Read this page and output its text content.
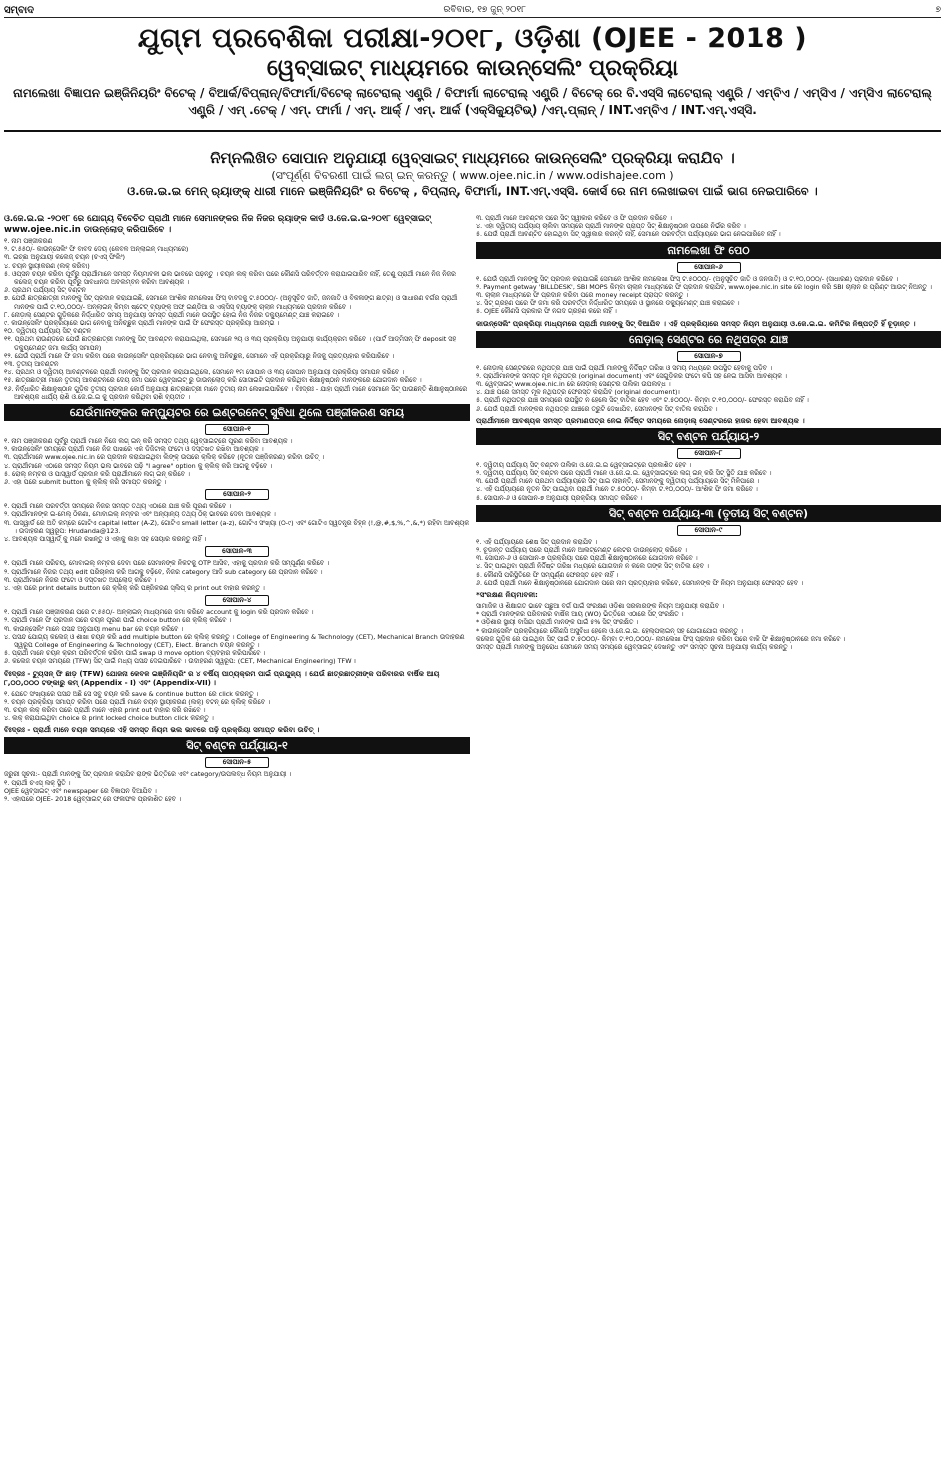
ସମ୍ବାଦ	ରବିବାର, ୧୭ ଜୁନ୍ ୨୦୧୮	୭
ଯୁଗ୍ମ ପ୍ରବେଶିକା ପରୀକ୍ଷା-୨୦୧୮, ଓଡ଼ିଶା (OJEE - 2018 )
ୱେବ୍‌ସାଇଟ୍ ମାଧ୍ୟମରେ କାଉନ୍‌ସେଲିଂ ପ୍ରକ୍ରିୟା
ନାମଲେଖା ବିଜ୍ଞାପନ ଇଞ୍ଜିନିୟରିଂ ବିଟେକ୍ / ବିଆର୍କ/ବିପ୍ଲାନ୍/ବିଫାର୍ମା/ବିଟେକ୍ ଲାଟେରାଲ୍ ଏଣ୍ଟ୍ରି / ବିଫାର୍ମା ଲାଟେରାଲ୍ ଏଣ୍ଟ୍ରି / ବିଟେକ୍ ରେ ବି.ଏସ୍‌ସି ଲାଟେରାଲ୍ ଏଣ୍ଟ୍ରି / ଏମ୍‌ବିଏ / ଏମ୍‌ସିଏ / ଏମ୍‌ସିଏ ଲାଟେରାଲ୍ ଏଣ୍ଟ୍ରି / ଏମ୍ .ଟେକ୍ / ଏମ୍. ଫାର୍ମା / ଏମ୍. ଆର୍କ୍ / ଏମ୍. ଆର୍କ (ଏକ୍ସିକ୍ୟୁଟିଭ୍) /ଏମ୍.ପ୍ଲାନ୍ / INT.ଏମ୍‌ବିଏ / INT.ଏମ୍.ଏସ୍‌ସି.
ନିମ୍ନଲିଖିତ ସୋପାନ ଅନୁଯାୟୀ ୱେବ୍‌ସାଇଟ୍ ମାଧ୍ୟମରେ କାଉନ୍‌ସେଲିଂ ପ୍ରକ୍ରିୟା କରାଯିବ ।
(ସଂପୂର୍ଣ୍ଣ ବିବରଣୀ ପାଇଁ ଲଗ୍ ଇନ୍ କରନ୍ତୁ ( www.ojee.nic.in / www.odishajee.com )
ଓ.ଜେ.ଇ.ଇ ମେନ୍ ର‍୍ୟାଙ୍କ୍ ଧାରୀ ମାନେ ଇଞ୍ଜିନିୟରିଂ ର ବିଟେକ୍ , ବିପ୍ଲାନ୍, ବିଫାର୍ମା, INT.ଏମ୍.ଏସ୍‌ସି. କୋର୍ସ ରେ ନାମ ଲେଖାଇବା ପାଇଁ ଭାଗ ନେଇପାରିବେ ।
ଓ.ଜେ.ଇ.ଇ -୨୦୧୮ ରେ ଯୋଗ୍ୟ ବିବେଚିତ ପ୍ରାର୍ଥୀ ମାନେ ସେମାନଙ୍କର ନିଜ ନିଜର ର‍୍ୟାଙ୍କ କାର୍ଡ ଓ.ଜେ.ଇ.ଇ-୨୦୧୮ ୱେବ୍‌ସାଇଟ୍ www.ojee.nic.in ଡାଉନ୍‌ଲୋଡ୍ କରିପାରିବେ ।

୧. ନାମ ପଞ୍ଜୀକରଣ

୨. ଟ.୫୫୦/- କାଉନ୍‌ସେଲିଂ ଫି ବାବଦ ଦେୟ (କେବଳ ଅନ୍‌ଲାଇନ୍ ମାଧ୍ୟମରେ)

୩. ଇଚ୍ଛା ଅନୁଯାୟୀ କଲେଜ୍ ଚୟନ (ଚଏସ୍ ଫିଲିଂ)

୪. ଚୟନ ସ୍ଥାୟୀକରଣ (ଲକ୍ କରିବା)

୫. ଓପ୍ସନ ଚୟନ କରିବା ପୂର୍ବରୁ ପ୍ରାର୍ଥୀମାନେ ସମସ୍ତ ନିୟମାବଳୀ ଭଲ ଭାବରେ ପଢ଼ନ୍ତୁ । ଚୟନ ଲକ୍ କରିବା ପରେ କୌଣସି ପରିବର୍ତ୍ତନ କରାଯାଇପାରିବ ନାହିଁ, ତେଣୁ ପ୍ରାର୍ଥୀ ମାନେ ନିଜ ନିଜର କଲେଜ୍ ଚୟନ କରିବା ପୂର୍ବରୁ ସାବଧାନତା ଅବଲମ୍ବନ କରିବା ଆବଶ୍ୟକ ।

୬. ପ୍ରଥମ ପର୍ଯ୍ୟାୟ ସିଟ୍ ବଣ୍ଟନ

୭. ଯେଉଁ ଛାତ୍ରଛାତ୍ରୀ ମାନଙ୍କୁ ସିଟ୍ ପ୍ରଦାନ କରାଯାଇଛି, ସେମାନେ ଆଂଶିକ ନାମଲେଖା ଫିସ୍ ବାବଦକୁ ଟ.୫୦୦୦/- (ଅନୁସୂଚିତ ଜାତି, ଜନଜାତି ଓ ବିକଳାଙ୍ଗ ଛାତ୍ର) ଓ ସାଧାରଣ ବର୍ଗର ପ୍ରାର୍ଥୀ ମାନଙ୍କ ପାଇଁ ଟ.୧୦,୦୦୦/- ଅନ୍‌ଲାଇନ୍ କିମ୍ବା ଷ୍ଟେଟ୍ ବ୍ୟାଙ୍କ୍ ଅଫ୍ ଇଣ୍ଡିଆ ର ଏକ୍ସିସ୍ ବ୍ୟାଙ୍କ୍ ଚାଲାନ ମାଧ୍ୟମରେ ପ୍ରଦାନ କରିବେ ।

୮. ନୋଡ଼ାଲ୍ ସେଣ୍ଟର ଗୁଡ଼ିକରେ ନିର୍ଦ୍ଦ୍ଧାରିତ ସମୟ ଅନୁଯାୟୀ ସମସ୍ତ ପ୍ରାର୍ଥୀ ମାନେ ଉପସ୍ଥିତ ହୋଇ ନିଜ ନିଜର ଡକ୍ୟୁମେଣ୍ଟ୍ ଯାଞ୍ଚ କରାଇବେ ।

୯. କାଉନ୍‌ସେଲିଂ ପ୍ରକ୍ରିୟାରେ ଭାଗ ନେବାକୁ ଅନିଚ୍ଛୁକ ପ୍ରାର୍ଥୀ ମାନଙ୍କ ପାଇଁ ଫି ଫେରସ୍ତ ପ୍ରକ୍ରିୟା ଆରମ୍ଭ ।

୧୦. ଦ୍ୱିତୀୟ ପର୍ଯ୍ୟାୟ ସିଟ୍ ବଣ୍ଟନ

୧୧. ପ୍ରଥମ ରାଉଣ୍ଡରେ ଯେଉଁ ଛାତ୍ରଛାତ୍ରୀ ମାନଙ୍କୁ ସିଟ୍ ଆବଣ୍ଟନ କରାଯାଇଥିଲା, ସେମାନେ ୨ୟ ଓ ୩ୟ ପ୍ରକ୍ରିୟା ଅନୁଯାୟୀ କାର୍ଯ୍ୟକ୍ରମ କରିବେ । (ପାର୍ଟ ଆଡ୍‌ମିସନ୍ ଫି deposit ସହ ଡକ୍ୟୁମେଣ୍ଟ୍ ଜମା କାର୍ଯ୍ୟ ସମାପନ)

୧୨. ଯେଉଁ ପ୍ରାର୍ଥୀ ମାନେ ଫି ଜମା କରିବା ପରେ କାଉନ୍‌ସେଲିଂ ପ୍ରକ୍ରିୟାରେ ଭାଗ ନେବାକୁ ଅନିଚ୍ଛୁକ, ସେମାନେ ଏହି ପ୍ରକ୍ରିୟାରୁ ନିଜକୁ ପ୍ରତ୍ୟାହାର କରିପାରିବେ ।

୧୩. ତୃତୀୟ ଆବଣ୍ଟନ

୧୪. ପ୍ରଥମ ଓ ଦ୍ୱିତୀୟ ଆବଣ୍ଟନରେ ପ୍ରାର୍ଥୀ ମାନଙ୍କୁ ସିଟ୍ ପ୍ରଦାନ କରାଯାଇଥିଲେ, ସେମାନେ ୧ମ ସୋପାନ ଓ ୩ୟ ସୋପାନ ଅନୁଯାୟୀ ପ୍ରକ୍ରିୟା ସମାପନ କରିବେ ।

୧୫. ଛାତ୍ରଛାତ୍ରୀ ମାନେ ତୃତୀୟ ଆବଣ୍ଟନରେ ଦେୟ ଜମା ପରେ ୱେବ୍‌ସାଇଟ୍ ରୁ ଡାଉନ୍‌ଲୋଡ୍ କରି ସୋସାଇଟି ପ୍ରଦାନ କରିଥିବା ଶିକ୍ଷାନୁଷ୍ଠାନ ମାନଙ୍କରେ ଯୋଗଦାନ କରିବେ ।

୧୬. ନିର୍ଦ୍ଧାରିତ ଶିକ୍ଷାନୁଷ୍ଠାନ ଗୁଡ଼ିକ ତୃତୀୟ ପ୍ରଦାନ କୋର୍ସ ଅନୁଯାୟୀ ଛାତ୍ରଛାତ୍ରୀ ମାନେ ତୃତୀୟ ନାମ ଲେଖାଇପାରିବେ । ବିଃଦ୍ରଃ - ଯାହା ପ୍ରାର୍ଥୀ ମାନେ ସେମାନେ ସିଟ୍ ପାଉଛନ୍ତି ଶିକ୍ଷାନୁଷ୍ଠାନରେ ଆବଶ୍ୟକ ଧାର୍ଯ୍ୟ ରାଶି ଓ.ଜେ.ଇ.ଇ କୁ ପ୍ରଦାନ କରିଥିବା ରାଶି ବ୍ୟତୀତ ।

ଯେଉଁମାନଙ୍କର କମ୍ପ୍ୟୁଟର ରେ ଇଣ୍ଟରନେଟ୍ ସୁବିଧା ଥିଲେ ପଞ୍ଜୀକରଣ ସମୟ
ସୋପାନ-୧

୧. ନାମ ପଞ୍ଜୀକରଣ ପୂର୍ବରୁ ପ୍ରାର୍ଥୀ ମାନେ ନିଜେ ଲଗ୍ ଇନ୍ କରି ସମସ୍ତ ତଥ୍ୟ ୱେବ୍‌ସାଇଟ୍‌ରେ ପୂରଣ କରିବା ଆବଶ୍ୟକ ।

୨. କାଉନ୍‌ସେଲିଂ ସମୟରେ ପ୍ରାର୍ଥୀ ମାନେ ନିଜ ପାଖରେ ଏକ ଡିଜିଟାଲ୍ ଫଟୋ ଓ ଦସ୍ତଖତ ରଖିବା ଆବଶ୍ୟକ ।

୩. ପ୍ରାର୍ଥୀମାନେ www.ojee.nic.in ରେ ପ୍ରଦାନ କରାଯାଇଥିବା ଲିଙ୍କ୍ ଉପରେ କ୍ଲିକ୍ କରିବେ (ନୂତନ ପଞ୍ଜିକରଣ) କରିବା ଉଚିତ୍ ।

୪. ପ୍ରାର୍ଥୀମାନେ ଏଠାରେ ସମସ୍ତ ନିୟମ ଭଲ ଭାବରେ ପଢ଼ି "I agree" option କୁ କ୍ଲିକ୍ କରି ଆଗକୁ ବଢ଼ିବେ ।

୫. ରୋଲ୍ ନମ୍ବର ଓ ପାସ୍‌ୱାର୍ଡ ପ୍ରଦାନ କରି ପ୍ରାର୍ଥୀମାନେ ଲଗ୍ ଇନ୍ କରିବେ ।

୬. ଏହା ପରେ submit button କୁ କ୍ଲିକ୍ କରି ସମାପ୍ତ କରନ୍ତୁ ।

ସୋପାନ-୨

୧. ପ୍ରାର୍ଥୀ ମାନେ ପରବର୍ତ୍ତୀ ସମୟରେ ନିଜର ସମସ୍ତ ତଥ୍ୟ ଏଠାରେ ଯାଞ୍ଚ କରି ପୂରଣ କରିବେ ।

୨. ପ୍ରାର୍ଥୀମାନଙ୍କ ଇ-ମେଲ୍ ଠିକଣା, ମୋବାଇଲ୍ ନମ୍ବର ଏବଂ ଅନ୍ୟାନ୍ୟ ତଥ୍ୟ ଠିକ୍ ଭାବରେ ଦେବା ଆବଶ୍ୟକ ।

୩. ପାସ୍‌ୱାର୍ଡ ରେ ଅତି କମ୍‌ରେ ଗୋଟିଏ capital letter (A-Z), ଗୋଟିଏ small letter (a-z), ଗୋଟିଏ ସଂଖ୍ୟା (୦-୯) ଏବଂ ଗୋଟିଏ ସ୍ୱତନ୍ତ୍ର ଚିହ୍ନ (!,@,#,$,%,^,&,*) ରହିବା ଆବଶ୍ୟକ । ଉଦାହରଣ ସ୍ୱରୂପ: Hrudanda@123.

୪. ଆବଶ୍ୟକ ପାସ୍‌ୱାର୍ଡ୍ କୁ ମନେ ରଖନ୍ତୁ ଓ ଏହାକୁ କାହା ସହ ସେୟାର କରନ୍ତୁ ନାହିଁ ।

ସୋପାନ-୩

୧. ପ୍ରାର୍ଥୀ ମାନେ ପରିଚୟ, ମୋବାଇଲ୍ ନମ୍ବର ଦେବା ପରେ ସେମାନଙ୍କ ନିକଟକୁ OTP ଆସିବ, ଏହାକୁ ପ୍ରଦାନ କରି ସମ୍ପୂର୍ଣ୍ଣ କରିବେ ।

୨. ପ୍ରାର୍ଥୀମାନେ ନିଜର ତଥ୍ୟ edit ପରିଚାଳନା କରି ଆଗକୁ ବଢ଼ିବେ, ନିଜର category ଆଦି sub category ରେ ପ୍ରଦାନ କରିବେ ।

୩. ପ୍ରାର୍ଥୀମାନେ ନିଜର ଫଟୋ ଓ ଦସ୍ତଖତ ଅପ୍‌ଲୋଡ୍ କରିବେ ।

୪. ଏହା ପରେ print details button ରେ କ୍ଲିକ୍ କରି ପଞ୍ଜିକରଣ ସ୍ଲିପ୍ ର print out ବାହାର କରନ୍ତୁ ।

ସୋପାନ-୪

୧. ପ୍ରାର୍ଥୀ ମାନେ ପଞ୍ଜୀକରଣ ପରେ ଟ.୫୫୦/- ଅନ୍‌ଲାଇନ୍ ମାଧ୍ୟମରେ ଜମା କରିବେ account କୁ login କରି ପ୍ରଦାନ କରିବେ ।

୨. ପ୍ରାର୍ଥୀ ମାନେ ଫି ପ୍ରଦାନ ପରେ ଚୟନ ପୂରଣ ପାଇଁ choice button ରେ କ୍ଲିକ୍ କରିବେ ।

୩. କାଉନ୍‌ସେଲିଂ ମାନେ ପସନ୍ଦ ଅନୁଯାୟୀ menu bar ରେ ଚୟନ କରିବେ ।

୪. ପସନ୍ଦ ଯୋଗ୍ୟ କଲେଜ୍ ଓ ଶାଖା ଚୟନ କରି add multiple button ରେ କ୍ଲିକ୍ କରନ୍ତୁ । College of Engineering & Technology (CET), Mechanical Branch ଉଦାହରଣ ସ୍ୱରୂପ College of Engineering & Technology (CET), Elect. Branch ଚୟନ କରନ୍ତୁ ।

୫. ପ୍ରାର୍ଥୀ ମାନେ ଚୟନ କ୍ରମ ପରିବର୍ତ୍ତନ କରିବା ପାଇଁ swap ଓ move option ବ୍ୟବହାର କରିପାରିବେ ।

୬. କଲେଜ ଚୟନ ସମୟରେ (TFW) ସିଟ୍ ପାଇଁ ମଧ୍ୟ ପସନ୍ଦ ଦେଇପାରିବେ । ଉଦାହରଣ ସ୍ୱରୂପ: (CET, Mechanical Engineering) TFW ।

ବିଃଦ୍ରଃ - ଟ୍ୟୁସନ୍ ଫି ଛାଡ଼ (TFW) ଯୋଜନା କେବଳ ଇଞ୍ଜିନିୟରିଂ ର ୪ ବର୍ଷିୟ ପାଠ୍ୟକ୍ରମ ପାଇଁ ପ୍ରଯୁଜ୍ୟ । ଯେଉଁ ଛାତ୍ରଛାତ୍ରୀଙ୍କ ପରିବାରର ବାର୍ଷିକ ଆୟ ୮,୦୦,୦୦୦ ଟଙ୍କାରୁ କମ୍ (Appendix - I) ଏବଂ (Appendix-VII) ।

୧. ଯେତେ ସଂଖ୍ୟାରେ ପସନ୍ଦ ଅଛି ସେ ସବୁ ଚୟନ କରି save & continue button ରେ click କରନ୍ତୁ ।

୨. ଚୟନ ପ୍ରକ୍ରିୟା ସମାପ୍ତ କରିବା ପରେ ପ୍ରାର୍ଥୀ ମାନେ ଚୟନ ସ୍ଥାୟୀକରଣ (ଲକ୍) ବଟନ୍ ରେ କ୍ଲିକ୍ କରିବେ ।

୩. ଚୟନ ଲକ୍ କରିବା ପରେ ପ୍ରାର୍ଥୀ ମାନେ ଏହାର print out ବାହାର କରି ରଖିବେ ।

୪. ଲକ୍ କରାଯାଇଥିବା choice ର print locked choice button click କରନ୍ତୁ ।

ବିଃଦ୍ରଃ - ପ୍ରାର୍ଥୀ ମାନେ ଚୟନ ସମୟରେ ଏହି ସମସ୍ତ ନିୟମ ଭଲ ଭାବରେ ପଢ଼ି ପ୍ରକ୍ରିୟା ସମାପ୍ତ କରିବା ଉଚିତ୍ ।
ସିଟ୍ ବଣ୍ଟନ ପର୍ଯ୍ୟାୟ-୧
ସୋପାନ-୫

ଜରୁରୀ ସୂଚନା:- ପ୍ରାର୍ଥୀ ମାନଙ୍କୁ ସିଟ୍ ପ୍ରଦାନ କରାଯିବ ରାଙ୍କ ଭିତ୍ତିରେ ଏବଂ category/ଉପଲବ୍ଧ ନିୟମ ଅନୁଯାୟୀ ।

୧. ପ୍ରାର୍ଥୀ ଚଏସ୍ ଲକ୍ ସ୍ଥିତି ।

OJEE ୱେବ୍‌ସାଇଟ୍ ଏବଂ newspaper ରେ ବିଜ୍ଞାପନ ଦିଆଯିବ ।

୨. ଏହାପରେ OJEE- 2018 ୱେବ୍‌ସାଇଟ୍ ରେ ଫଳାଫଳ ପ୍ରକାଶିତ ହେବ ।

୩. ପ୍ରାର୍ଥୀ ମାନେ ଆବଣ୍ଟନ ପରେ ସିଟ୍ ସ୍ୱୀକାର କରିବେ ଓ ଫି ପ୍ରଦାନ କରିବେ ।

୪. ଏହା ଦ୍ୱିତୀୟ ପର୍ଯ୍ୟାୟ ଚାଲିବା ସମୟରେ ପ୍ରାର୍ଥୀ ମାନଙ୍କ ପ୍ରାପ୍ତ ସିଟ୍ ଶିକ୍ଷାନୁଷ୍ଠାନ ଉପରେ ନିର୍ଭର କରିବ ।

୫. ଯେଉଁ ପ୍ରାର୍ଥୀ ଆବଣ୍ଟିତ ହୋଇଥିବା ସିଟ୍ ସ୍ୱୀକାର କରନ୍ତି ନାହିଁ, ସେମାନେ ପରବର୍ତ୍ତୀ ପର୍ଯ୍ୟାୟରେ ଭାଗ ନେଇପାରିବେ ନାହିଁ ।

ନାମଲେଖା ଫି ପେଠ
ସୋପାନ-୬

୧. ଯେଉଁ ପ୍ରାର୍ଥୀ ମାନଙ୍କୁ ସିଟ୍ ପ୍ରଦାନ କରାଯାଇଛି ସେମାନେ ଆଂଶିକ ନାମଲେଖା ଫିସ୍ ଟ.୫୦୦୦/- (ଅନୁସୂଚିତ ଜାତି ଓ ଜନଜାତି) ଓ ଟ.୧୦,୦୦୦/- (ସାଧାରଣ) ପ୍ରଦାନ କରିବେ ।

୨. Payment getway 'BILLDESK', SBI MOPS କିମ୍ବା ଚାଲାନ ମାଧ୍ୟମରେ ଫି ପ୍ରଦାନ କରାଯିବ, www.ojee.nic.in site ରେ login କରି SBI ଚାଲାନ ର ପ୍ରିଣ୍ଟ ଆଉଟ୍ ନିଅନ୍ତୁ ।

୩. ଚାଲାନ ମାଧ୍ୟମରେ ଫି ପ୍ରଦାନ କରିବା ପରେ money receipt ପ୍ରାପ୍ତ କରନ୍ତୁ ।

୪. ସିଟ୍ ଗ୍ରହଣ ପରେ ଫି ଜମା କରି ପରବର୍ତ୍ତୀ ନିର୍ଦ୍ଦ୍ଧାରିତ ସମୟରେ ଓ ସ୍ଥାନରେ ଡକ୍ୟୁମେଣ୍ଟ୍ ଯାଞ୍ଚ କରାଇବେ ।

୫. OJEE କୌଣସି ପ୍ରକାର ଫି ନଗଦ ଗ୍ରହଣ କରେ ନାହିଁ ।

କାଉନ୍‌ସେଲିଂ ପ୍ରକ୍ରିୟା ମାଧ୍ୟମରେ ପ୍ରାର୍ଥୀ ମାନଙ୍କୁ ସିଟ୍ ଦିଆଯିବ । ଏହି ପ୍ରକ୍ରିୟାରେ ସମସ୍ତ ନିୟମ ଅନୁଯାୟୀ ଓ.ଜେ.ଇ.ଇ. କମିଟିର ନିଷ୍ପତ୍ତି ହିଁ ଚୂଡ଼ାନ୍ତ ।
ନୋଡ଼ାଲ୍ ସେଣ୍ଟର ରେ ନଥିପତ୍ର ଯାଞ୍ଚ
ସୋପାନ-୭

୧. ନୋଡ଼ାଲ୍ ସେଣ୍ଟରରେ ନଥିପତ୍ର ଯାଞ୍ଚ ପାଇଁ ପ୍ରାର୍ଥୀ ମାନଙ୍କୁ ନିର୍ଦ୍ଦିଷ୍ଟ ତାରିଖ ଓ ସମୟ ମଧ୍ୟରେ ଉପସ୍ଥିତ ହେବାକୁ ପଡ଼ିବ ।

୨. ପ୍ରାର୍ଥୀମାନଙ୍କ ସମସ୍ତ ମୂଳ ନଥିପତ୍ର (original document) ଏବଂ ସେଗୁଡ଼ିକର ଫଟୋ କପି ସହ ନେଇ ଆସିବା ଆବଶ୍ୟକ ।

୩. ୱେବ୍‌ସାଇଟ୍ www.ojee.nic.in ରେ ନୋଡ଼ାଲ୍ ସେଣ୍ଟର ତାଲିକା ଉପଲବ୍ଧ ।

୪. ଯାଞ୍ଚ ପରେ ସମସ୍ତ ମୂଳ ନଥିପତ୍ର ଫେରସ୍ତ କରାଯିବ (original document)।

୫. ପ୍ରାର୍ଥୀ ନଥିପତ୍ର ଯାଞ୍ଚ ସମୟରେ ଉପସ୍ଥିତ ନ ହେଲେ ସିଟ୍ ବାତିଲ ହେବ ଏବଂ ଟ.୫୦୦୦/- କିମ୍ବା ଟ.୧୦,୦୦୦/- ଫେରସ୍ତ କରାଯିବ ନାହିଁ ।

୬. ଯେଉଁ ପ୍ରାର୍ଥୀ ମାନଙ୍କର ନଥିପତ୍ର ଯାଞ୍ଚରେ ତ୍ରୁଟି ଦେଖାଯିବ, ସେମାନଙ୍କ ସିଟ୍ ବାତିଲ କରାଯିବ ।

ପ୍ରାର୍ଥୀମାନେ ଆବଶ୍ୟକ ସମସ୍ତ ପ୍ରମାଣପତ୍ର ନେଇ ନିର୍ଦ୍ଦିଷ୍ଟ ସମୟରେ ନୋଡ଼ାଲ୍ ସେଣ୍ଟରରେ ହାଜର ହେବା ଆବଶ୍ୟକ ।
ସିଟ୍ ବଣ୍ଟନ ପର୍ଯ୍ୟାୟ-୨
ସୋପାନ-୮

୧. ଦ୍ୱିତୀୟ ପର୍ଯ୍ୟାୟ ସିଟ୍ ବଣ୍ଟନ ତାଲିକା ଓ.ଜେ.ଇ.ଇ ୱେବ୍‌ସାଇଟ୍‌ରେ ପ୍ରକାଶିତ ହେବ ।

୨. ଦ୍ୱିତୀୟ ପର୍ଯ୍ୟାୟ ସିଟ୍ ବଣ୍ଟନ ପରେ ପ୍ରାର୍ଥୀ ମାନେ ଓ.ଜେ.ଇ.ଇ. ୱେବ୍‌ସାଇଟ୍‌ରେ ଲଗ୍ ଇନ୍ କରି ସିଟ୍ ସ୍ଥିତି ଯାଞ୍ଚ କରିବେ ।

୩. ଯେଉଁ ପ୍ରାର୍ଥୀ ମାନେ ପ୍ରଥମ ପର୍ଯ୍ୟାୟରେ ସିଟ୍ ପାଇ ନାହାନ୍ତି, ସେମାନଙ୍କୁ ଦ୍ୱିତୀୟ ପର୍ଯ୍ୟାୟରେ ସିଟ୍ ମିଳିପାରେ ।

୪. ଏହି ପର୍ଯ୍ୟାୟରେ ନୂତନ ସିଟ୍ ପାଇଥିବା ପ୍ରାର୍ଥୀ ମାନେ ଟ.୫୦୦୦/- କିମ୍ବା ଟ.୧୦,୦୦୦/- ଆଂଶିକ ଫି ଜମା କରିବେ ।

୫. ସୋପାନ-୬ ଓ ସୋପାନ-୭ ଅନୁଯାୟୀ ପ୍ରକ୍ରିୟା ସମାପ୍ତ କରିବେ ।

ସିଟ୍ ବଣ୍ଟନ ପର୍ଯ୍ୟାୟ-୩ (ତୃତୀୟ ସିଟ୍ ବଣ୍ଟନ)
ସୋପାନ-୯

୧. ଏହି ପର୍ଯ୍ୟାୟରେ ଶେଷ ସିଟ୍ ପ୍ରଦାନ କରାଯିବ ।

୨. ଚୂଡ଼ାନ୍ତ ପର୍ଯ୍ୟାୟ ପରେ ପ୍ରାର୍ଥୀ ମାନେ ଆଲଟ୍‌ମେଣ୍ଟ ଲେଟର ଡାଉନ୍‌ଲୋଡ୍ କରିବେ ।

୩. ସୋପାନ-୬ ଓ ସୋପାନ-୭ ପ୍ରକ୍ରିୟା ପରେ ପ୍ରାର୍ଥୀ ଶିକ୍ଷାନୁଷ୍ଠାନରେ ଯୋଗଦାନ କରିବେ ।

୪. ସିଟ୍ ପାଇଥିବା ପ୍ରାର୍ଥୀ ନିର୍ଦ୍ଦିଷ୍ଟ ତାରିଖ ମଧ୍ୟରେ ଯୋଗଦାନ ନ କଲେ ତାଙ୍କ ସିଟ୍ ବାତିଲ ହେବ ।

୫. କୌଣସି ପରିସ୍ଥିତିରେ ଫି ସମ୍ପୂର୍ଣ୍ଣ ଫେରସ୍ତ ହେବ ନାହିଁ ।

୬. ଯେଉଁ ପ୍ରାର୍ଥୀ ମାନେ ଶିକ୍ଷାନୁଷ୍ଠାନରେ ଯୋଗଦାନ ପରେ ନାମ ପ୍ରତ୍ୟାହାର କରିବେ, ସେମାନଙ୍କ ଫି ନିୟମ ଅନୁଯାୟୀ ଫେରସ୍ତ ହେବ ।

*ସଂରକ୍ଷଣ ନିୟମାବଳୀ:

ସାମାଜିକ ଓ ଶିକ୍ଷାଗତ ଭାବେ ପଛୁଆ ବର୍ଗ ପାଇଁ ସଂରକ୍ଷଣ ଓଡ଼ିଶା ସରକାରଙ୍କ ନିୟମ ଅନୁଯାୟୀ କରାଯିବ ।

* ପ୍ରାର୍ଥୀ ମାନଙ୍କର ପରିବାରର ବାର୍ଷିକ ଆୟ (WO) ଭିତ୍ତିରେ ଏଠାରେ ସିଟ୍ ସଂରକ୍ଷିତ ।

* ଓଡ଼ିଶାର ସ୍ଥାୟୀ ବାସିନ୍ଦା ପ୍ରାର୍ଥୀ ମାନଙ୍କ ପାଇଁ ୫% ସିଟ୍ ସଂରକ୍ଷିତ ।

* କାଉନ୍‌ସେଲିଂ ପ୍ରକ୍ରିୟାରେ କୌଣସି ଅସୁବିଧା ହେଲେ ଓ.ଜେ.ଇ.ଇ. ହେଲ୍ପଲାଇନ୍ ସହ ଯୋଗାଯୋଗ କରନ୍ତୁ ।

କଲେଜ ଗୁଡ଼ିକ ରେ ପାଇଥିବା ସିଟ୍ ପାଇଁ ଟ.୫୦୦୦/- କିମ୍ବା ଟ.୧୦,୦୦୦/- ନାମଲେଖା ଫିସ୍ ପ୍ରଦାନ କରିବା ପରେ ବାକି ଫି ଶିକ୍ଷାନୁଷ୍ଠାନରେ ଜମା କରିବେ ।

ସମସ୍ତ ପ୍ରାର୍ଥୀ ମାନଙ୍କୁ ଅନୁରୋଧ ସେମାନେ ସମୟ ସମୟରେ ୱେବ୍‌ସାଇଟ୍ ଦେଖନ୍ତୁ ଏବଂ ସମସ୍ତ ସୂଚନା ଅନୁଯାୟୀ କାର୍ଯ୍ୟ କରନ୍ତୁ ।
